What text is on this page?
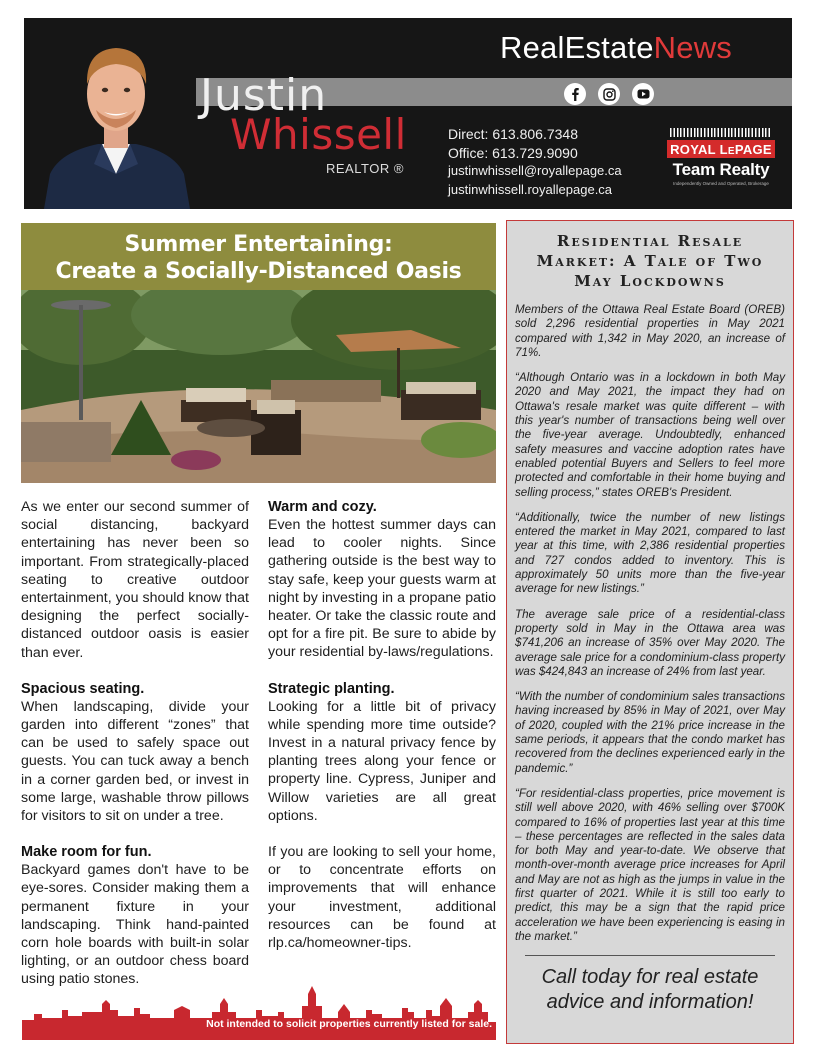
RealEstateNews
Justin
Whissell
REALTOR ®
Direct: 613.806.7348
Office: 613.729.9090
justinwhissell@royallepage.ca
justinwhissell.royallepage.ca
ROYAL LEPAGE
Team Realty
Independently Owned and Operated, Brokerage
Summer Entertaining:
Create a Socially-Distanced Oasis

As we enter our second summer of social distancing, backyard entertaining has never been so important. From strategically-placed seating to creative outdoor entertainment, you should know that designing the perfect socially-distanced outdoor oasis is easier than ever.

Spacious seating.

When landscaping, divide your garden into different “zones” that can be used to safely space out guests. You can tuck away a bench in a corner garden bed, or invest in some large, washable throw pillows for visitors to sit on under a tree.

Make room for fun.

Backyard games don't have to be eye-sores. Consider making them a permanent fixture in your landscaping. Think hand-painted corn hole boards with built-in solar lighting, or an outdoor chess board using patio stones.

Warm and cozy.

Even the hottest summer days can lead to cooler nights. Since gathering outside is the best way to stay safe, keep your guests warm at night by investing in a propane patio heater. Or take the classic route and opt for a fire pit. Be sure to abide by your residential by-laws/regulations.

Strategic planting.

Looking for a little bit of privacy while spending more time outside? Invest in a natural privacy fence by planting trees along your fence or property line. Cypress, Juniper and Willow varieties are all great options.

If you are looking to sell your home, or to concentrate efforts on improvements that will enhance your investment, additional resources can be found at rlp.ca/homeowner-tips.

Residential Resale Market: A Tale of Two May Lockdowns

Members of the Ottawa Real Estate Board (OREB) sold 2,296 residential properties in May 2021 compared with 1,342 in May 2020, an increase of 71%.

“Although Ontario was in a lockdown in both May 2020 and May 2021, the impact they had on Ottawa's resale market was quite different – with this year's number of transactions being well over the five-year average. Undoubtedly, enhanced safety measures and vaccine adoption rates have enabled potential Buyers and Sellers to feel more protected and comfortable in their home buying and selling process,” states OREB's President.

“Additionally, twice the number of new listings entered the market in May 2021, compared to last year at this time, with 2,386 residential properties and 727 condos added to inventory. This is approximately 50 units more than the five-year average for new listings.”

The average sale price of a residential-class property sold in May in the Ottawa area was $741,206 an increase of 35% over May 2020. The average sale price for a condominium-class property was $424,843 an increase of 24% from last year.

“With the number of condominium sales transactions having increased by 85% in May of 2021, over May of 2020, coupled with the 21% price increase in the same periods, it appears that the condo market has recovered from the declines experienced early in the pandemic.”

“For residential-class properties, price movement is still well above 2020, with 46% selling over $700K compared to 16% of properties last year at this time – these percentages are reflected in the sales data for both May and year-to-date. We observe that month-over-month average price increases for April and May are not as high as the jumps in value in the first quarter of 2021. While it is still too early to predict, this may be a sign that the rapid price acceleration we have been experiencing is easing in the market.”

Call today for real estate advice and information!
Not intended to solicit properties currently listed for sale.
